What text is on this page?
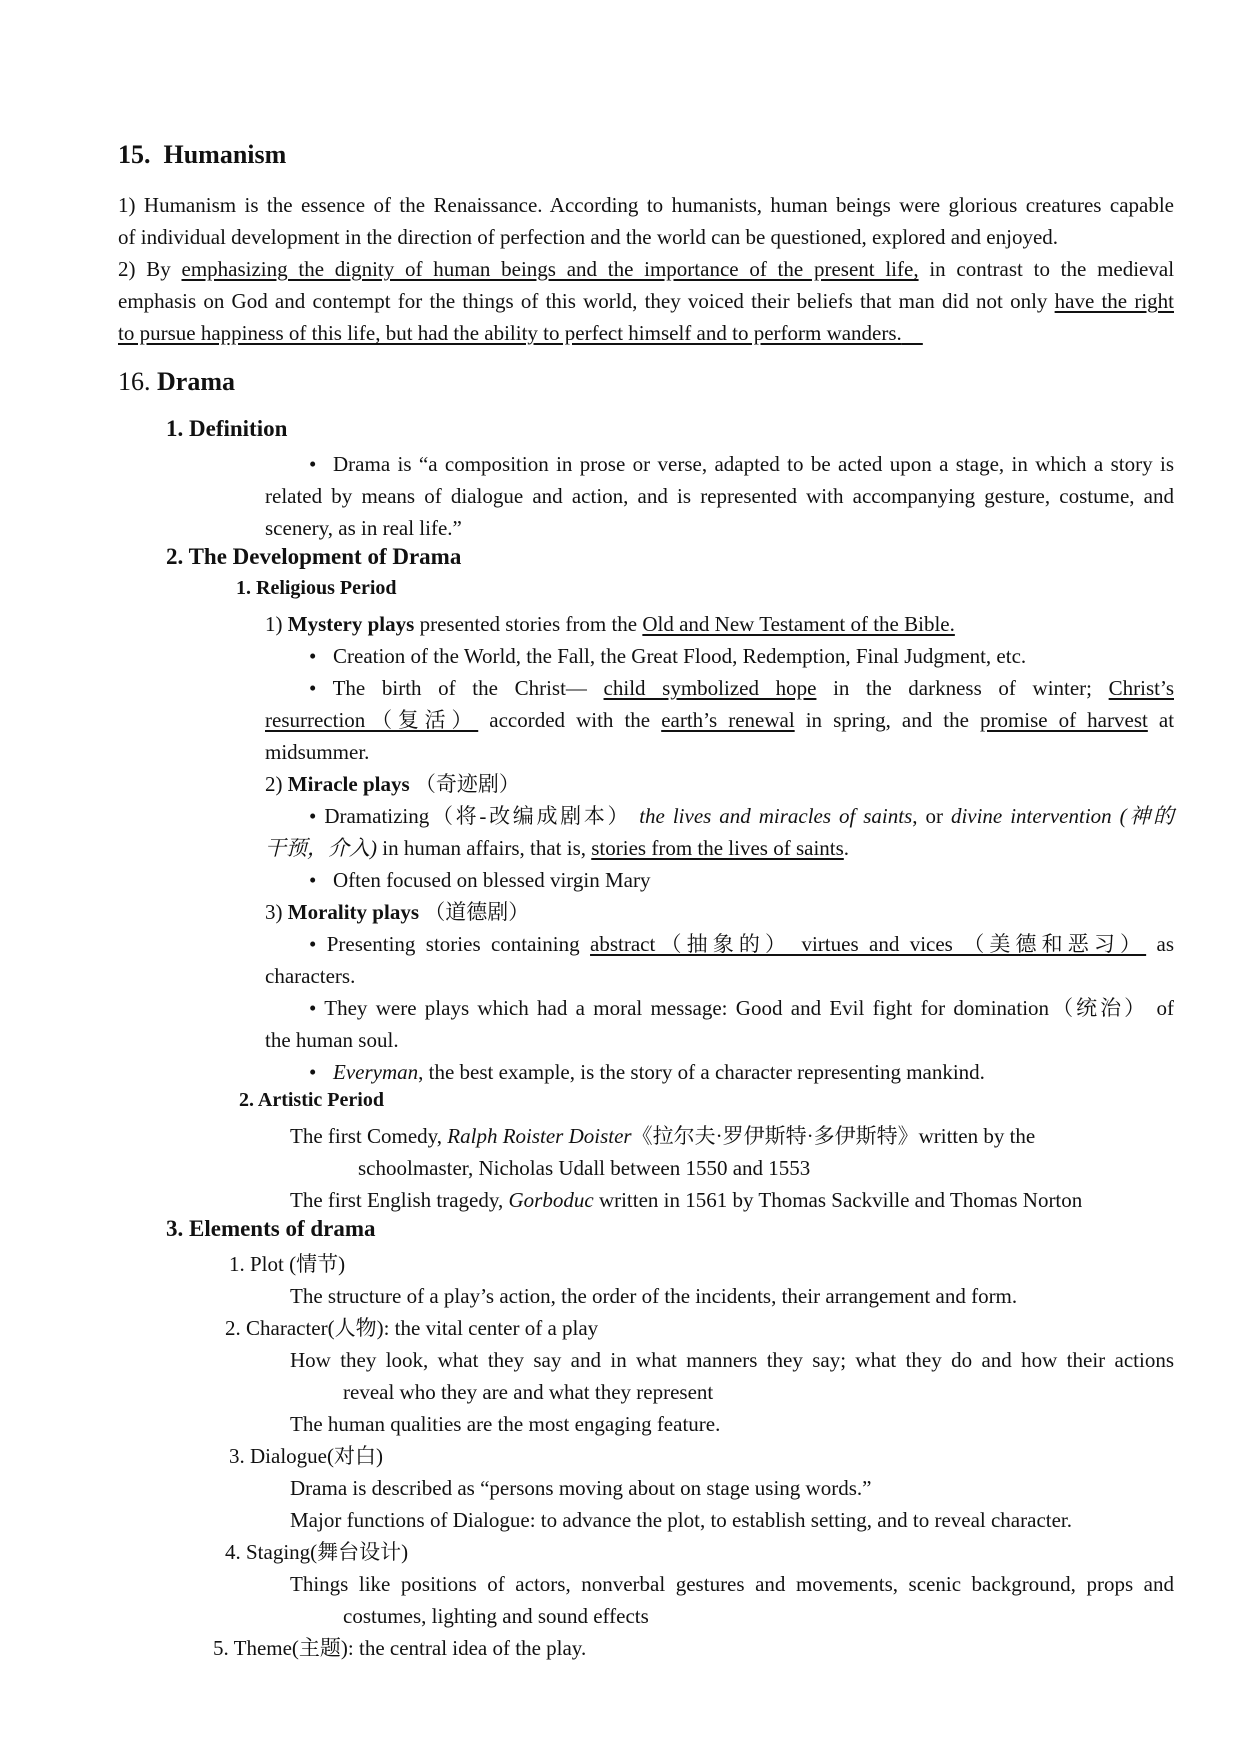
15. Humanism
1) Humanism is the essence of the Renaissance. According to humanists, human beings were glorious creatures capable
of individual development in the direction of perfection and the world can be questioned, explored and enjoyed.
2) By emphasizing the dignity of human beings and the importance of the present life, in contrast to the medieval
emphasis on God and contempt for the things of this world, they voiced their beliefs that man did not only have the right
to pursue happiness of this life, but had the ability to perfect himself and to perform wanders.
16. Drama
1. Definition
• Drama is “a composition in prose or verse, adapted to be acted upon a stage, in which a story is
related by means of dialogue and action, and is represented with accompanying gesture, costume, and
scenery, as in real life.”
2. The Development of Drama
1. Religious Period
1) Mystery plays presented stories from the Old and New Testament of the Bible.
• Creation of the World, the Fall, the Great Flood, Redemption, Final Judgment, etc.
• The birth of the Christ— child symbolized hope in the darkness of winter; Christ’s
resurrection（复活） accorded with the earth’s renewal in spring, and the promise of harvest at
midsummer.
2) Miracle plays （奇迹剧）
• Dramatizing（将-改编成剧本） the lives and miracles of saints, or divine intervention (神的
干预，介入) in human affairs, that is, stories from the lives of saints.
• Often focused on blessed virgin Mary
3) Morality plays （道德剧）
• Presenting stories containing abstract（抽象的） virtues and vices （美德和恶习） as
characters.
• They were plays which had a moral message: Good and Evil fight for domination（统治） of
the human soul.
• Everyman, the best example, is the story of a character representing mankind.
2. Artistic Period
The first Comedy, Ralph Roister Doister《拉尔夫·罗伊斯特·多伊斯特》written by the
schoolmaster, Nicholas Udall between 1550 and 1553
The first English tragedy, Gorboduc written in 1561 by Thomas Sackville and Thomas Norton
3. Elements of drama
1. Plot (情节)
The structure of a play’s action, the order of the incidents, their arrangement and form.
2. Character(人物): the vital center of a play
How they look, what they say and in what manners they say; what they do and how their actions
reveal who they are and what they represent
The human qualities are the most engaging feature.
3. Dialogue(对白)
Drama is described as “persons moving about on stage using words.”
Major functions of Dialogue: to advance the plot, to establish setting, and to reveal character.
4. Staging(舞台设计)
Things like positions of actors, nonverbal gestures and movements, scenic background, props and
costumes, lighting and sound effects
5. Theme(主题): the central idea of the play.
